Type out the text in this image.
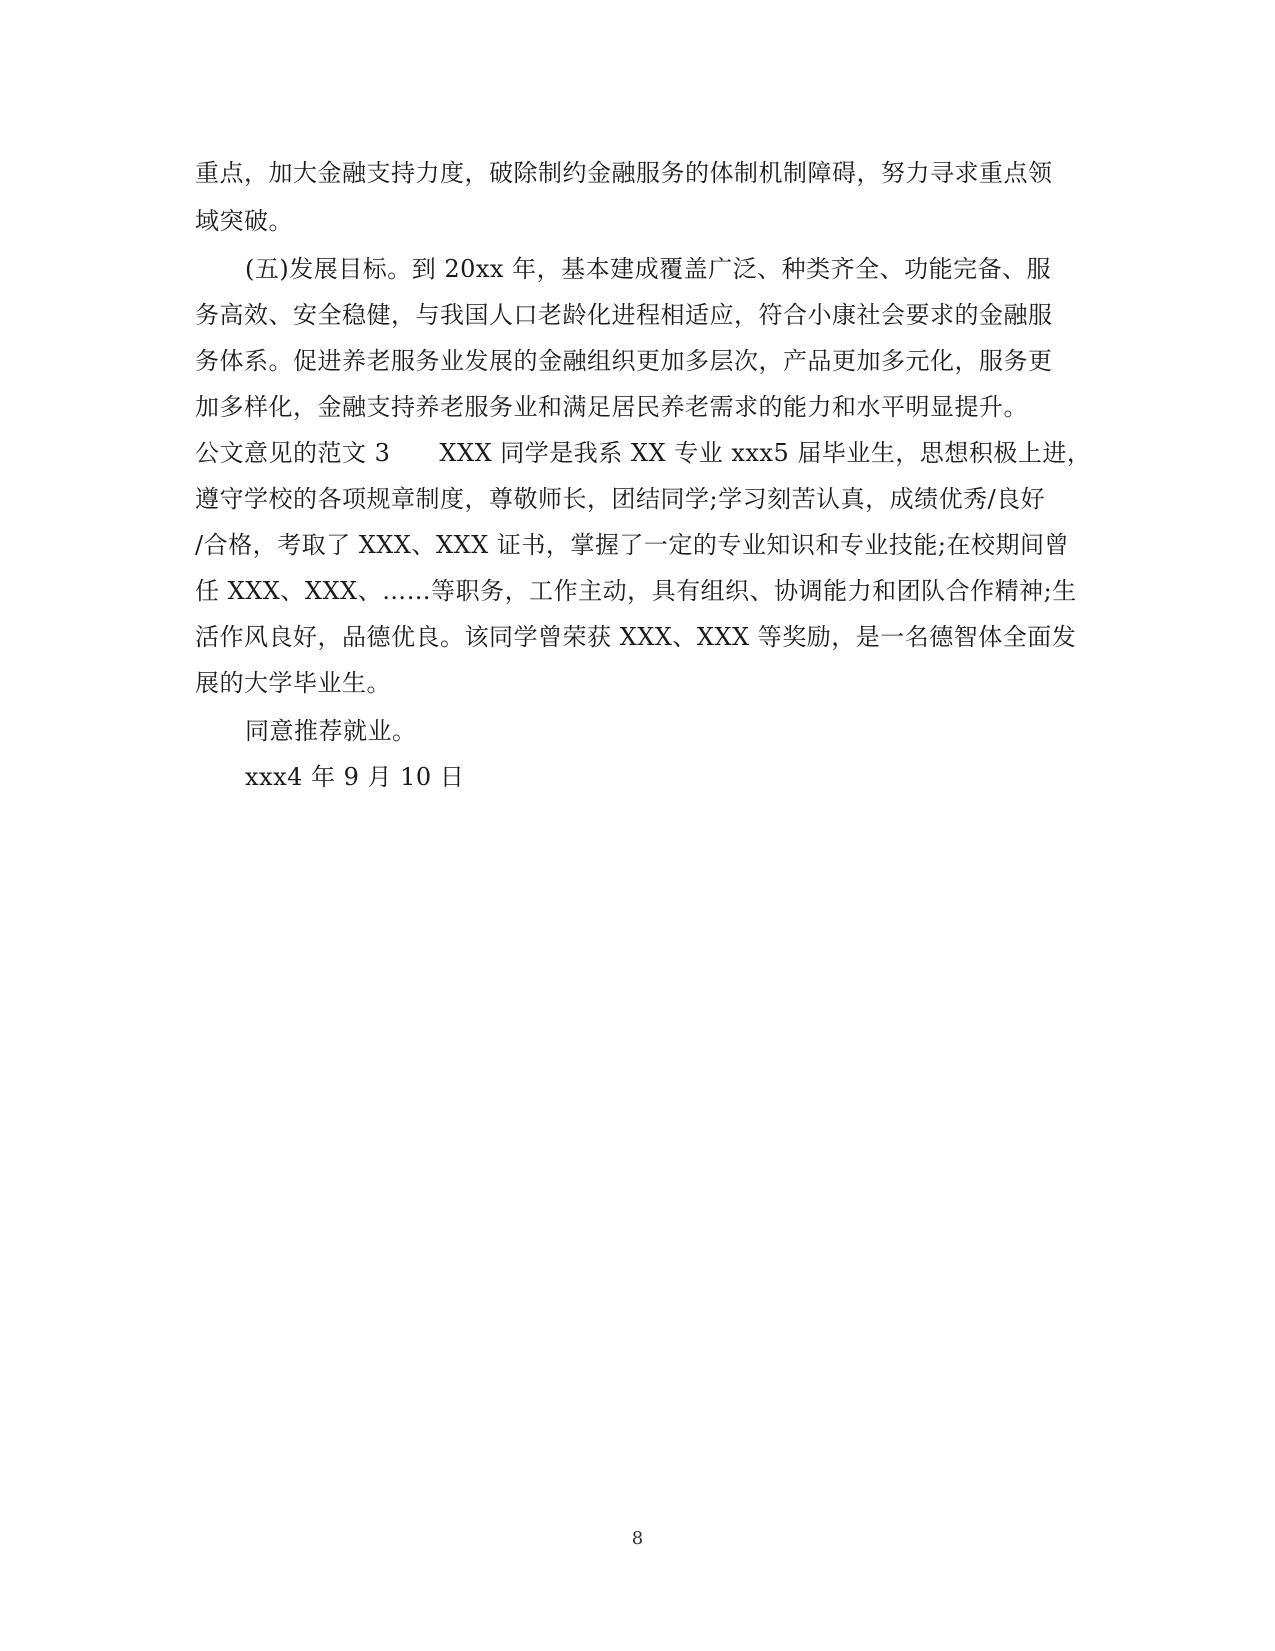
重点，加大金融支持力度，破除制约金融服务的体制机制障碍，努力寻求重点领
域突破。
(五)发展目标。到 20xx 年，基本建成覆盖广泛、种类齐全、功能完备、服
务高效、安全稳健，与我国人口老龄化进程相适应，符合小康社会要求的金融服
务体系。促进养老服务业发展的金融组织更加多层次，产品更加多元化，服务更
加多样化，金融支持养老服务业和满足居民养老需求的能力和水平明显提升。
公文意见的范文 3　　XXX 同学是我系 XX 专业 xxx5 届毕业生，思想积极上进，
遵守学校的各项规章制度，尊敬师长，团结同学;学习刻苦认真，成绩优秀/良好
/合格，考取了 XXX、XXX 证书，掌握了一定的专业知识和专业技能;在校期间曾
任 XXX、XXX、……等职务，工作主动，具有组织、协调能力和团队合作精神;生
活作风良好，品德优良。该同学曾荣获 XXX、XXX 等奖励，是一名德智体全面发
展的大学毕业生。
同意推荐就业。
xxx4 年 9 月 10 日
8
